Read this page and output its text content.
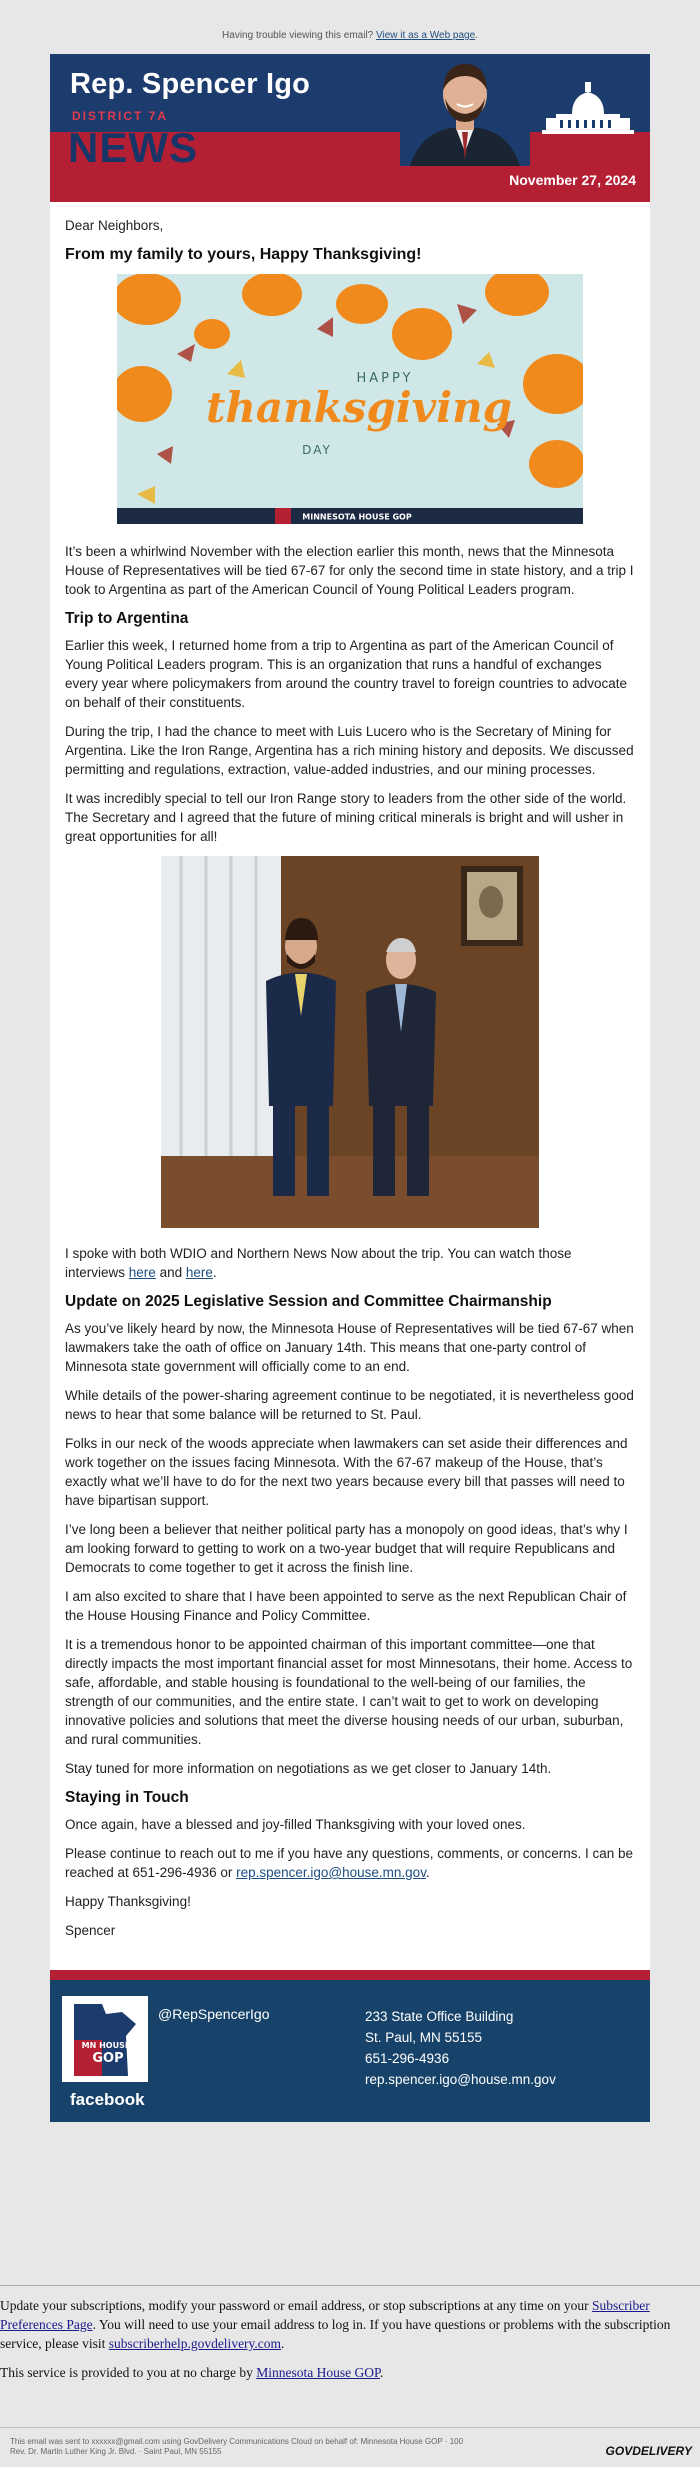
Having trouble viewing this email? View it as a Web page.
Rep. Spencer Igo
DISTRICT 7A
NEWS
November 27, 2024

Dear Neighbors,

From my family to yours, Happy Thanksgiving!
HAPPY
thanksgiving
DAY
MINNESOTA HOUSE GOP

It’s been a whirlwind November with the election earlier this month, news that the Minnesota House of Representatives will be tied 67-67 for only the second time in state history, and a trip I took to Argentina as part of the American Council of Young Political Leaders program.

Trip to Argentina

Earlier this week, I returned home from a trip to Argentina as part of the American Council of Young Political Leaders program. This is an organization that runs a handful of exchanges every year where policymakers from around the country travel to foreign countries to advocate on behalf of their constituents.

During the trip, I had the chance to meet with Luis Lucero who is the Secretary of Mining for Argentina. Like the Iron Range, Argentina has a rich mining history and deposits. We discussed permitting and regulations, extraction, value-added industries, and our mining processes.

It was incredibly special to tell our Iron Range story to leaders from the other side of the world. The Secretary and I agreed that the future of mining critical minerals is bright and will usher in great opportunities for all!

I spoke with both WDIO and Northern News Now about the trip. You can watch those interviews here and here.

Update on 2025 Legislative Session and Committee Chairmanship

As you’ve likely heard by now, the Minnesota House of Representatives will be tied 67-67 when lawmakers take the oath of office on January 14th. This means that one-party control of Minnesota state government will officially come to an end.

While details of the power-sharing agreement continue to be negotiated, it is nevertheless good news to hear that some balance will be returned to St. Paul.

Folks in our neck of the woods appreciate when lawmakers can set aside their differences and work together on the issues facing Minnesota. With the 67-67 makeup of the House, that’s exactly what we’ll have to do for the next two years because every bill that passes will need to have bipartisan support.

I’ve long been a believer that neither political party has a monopoly on good ideas, that’s why I am looking forward to getting to work on a two-year budget that will require Republicans and Democrats to come together to get it across the finish line.

I am also excited to share that I have been appointed to serve as the next Republican Chair of the House Housing Finance and Policy Committee.

It is a tremendous honor to be appointed chairman of this important committee—one that directly impacts the most important financial asset for most Minnesotans, their home. Access to safe, affordable, and stable housing is foundational to the well-being of our families, the strength of our communities, and the entire state. I can’t wait to get to work on developing innovative policies and solutions that meet the diverse housing needs of our urban, suburban, and rural communities.

Stay tuned for more information on negotiations as we get closer to January 14th.

Staying in Touch

Once again, have a blessed and joy-filled Thanksgiving with your loved ones.

Please continue to reach out to me if you have any questions, comments, or concerns. I can be reached at 651-296-4936 or rep.spencer.igo@house.mn.gov.

Happy Thanksgiving!

Spencer

MN HOUSE
GOP
facebook
@RepSpencerIgo	233 State Office Building
St. Paul, MN 55155
651-296-4936
rep.spencer.igo@house.mn.gov

Update your subscriptions, modify your password or email address, or stop subscriptions at any time on your Subscriber Preferences Page. You will need to use your email address to log in. If you have questions or problems with the subscription service, please visit subscriberhelp.govdelivery.com.

This service is provided to you at no charge by Minnesota House GOP.

This email was sent to xxxxxx@gmail.com using GovDelivery Communications Cloud on behalf of: Minnesota House GOP · 100
Rev. Dr. Martin Luther King Jr. Blvd. · Saint Paul, MN 55155	GOVDELIVERY
